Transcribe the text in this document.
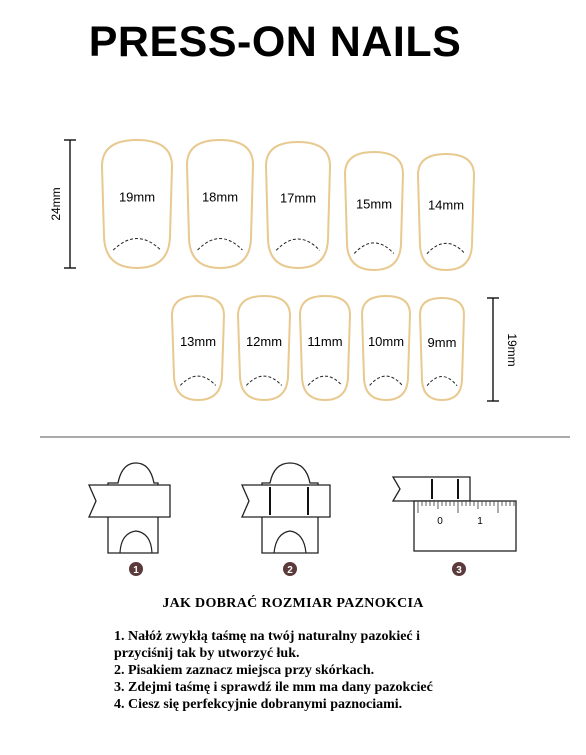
PRESS-ON NAILS
24mm
19mm
19mm	18mm	17mm	15mm	14mm
13mm 12mm 11mm 10mm 9mm
1	2
0	1
3
JAK DOBRAĆ ROZMIAR PAZNOKCIA
1. Nałóż zwykłą taśmę na twój naturalny pazokieć i
przyciśnij tak by utworzyć łuk.
2. Pisakiem zaznacz miejsca przy skórkach.
3. Zdejmi taśmę i sprawdź ile mm ma dany pazokcieć
4. Ciesz się perfekcyjnie dobranymi paznociami.
